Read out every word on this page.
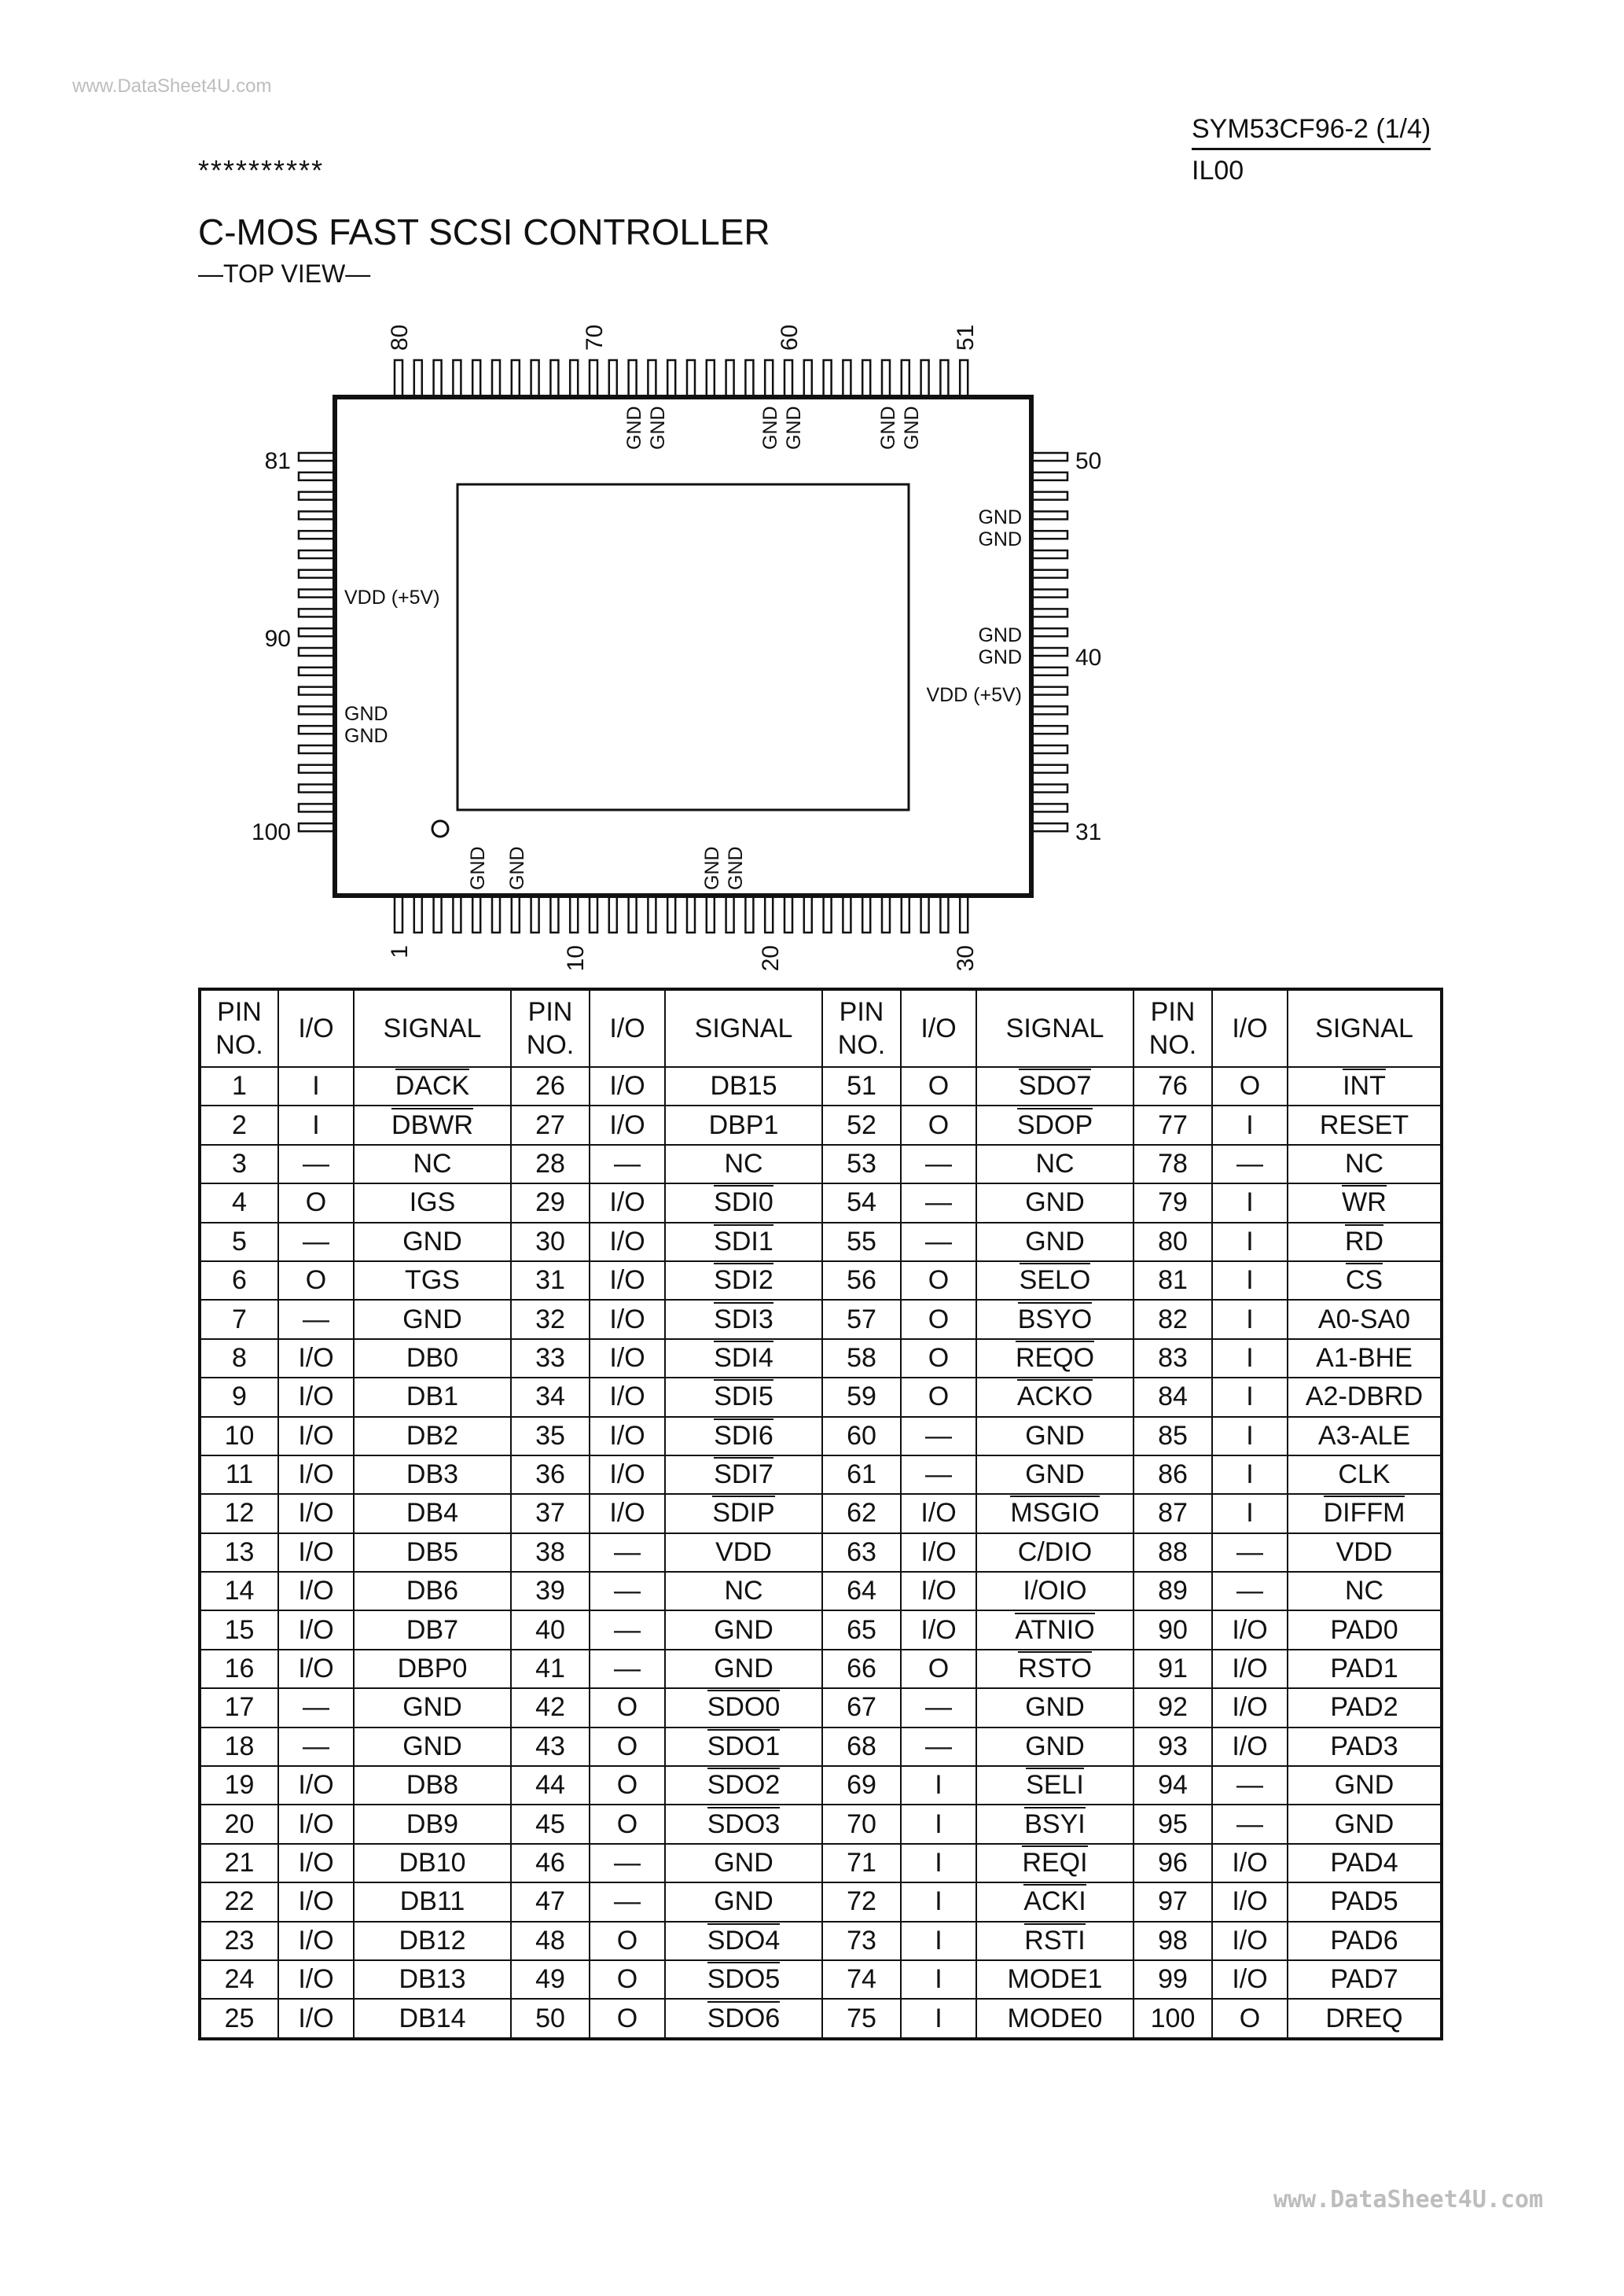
www.DataSheet4U.com
SYM53CF96-2 (1/4)
IL00
**********
C-MOS FAST SCSI CONTROLLER
—TOP VIEW—
80	70	60	51
1	10	20	30
81
90
100
50
40
31
GND GND	GND GND	GND GND
GND GND	GND GND
VDD (+5V)
GND
GND
GND
GND
GND
GND
VDD (+5V)
PIN NO.	I/O	SIGNAL	PIN NO.	I/O	SIGNAL	PIN NO.	I/O	SIGNAL	PIN NO.	I/O	SIGNAL
1	I	DACK	26	I/O	DB15	51	O	SDO7	76	O	INT
2	I	DBWR	27	I/O	DBP1	52	O	SDOP	77	I	RESET
3	—	NC	28	—	NC	53	—	NC	78	—	NC
4	O	IGS	29	I/O	SDI0	54	—	GND	79	I	WR
5	—	GND	30	I/O	SDI1	55	—	GND	80	I	RD
6	O	TGS	31	I/O	SDI2	56	O	SELO	81	I	CS
7	—	GND	32	I/O	SDI3	57	O	BSYO	82	I	A0-SA0
8	I/O	DB0	33	I/O	SDI4	58	O	REQO	83	I	A1-BHE
9	I/O	DB1	34	I/O	SDI5	59	O	ACKO	84	I	A2-DBRD
10	I/O	DB2	35	I/O	SDI6	60	—	GND	85	I	A3-ALE
11	I/O	DB3	36	I/O	SDI7	61	—	GND	86	I	CLK
12	I/O	DB4	37	I/O	SDIP	62	I/O	MSGIO	87	I	DIFFM
13	I/O	DB5	38	—	VDD	63	I/O	C/DIO	88	—	VDD
14	I/O	DB6	39	—	NC	64	I/O	I/OIO	89	—	NC
15	I/O	DB7	40	—	GND	65	I/O	ATNIO	90	I/O	PAD0
16	I/O	DBP0	41	—	GND	66	O	RSTO	91	I/O	PAD1
17	—	GND	42	O	SDO0	67	—	GND	92	I/O	PAD2
18	—	GND	43	O	SDO1	68	—	GND	93	I/O	PAD3
19	I/O	DB8	44	O	SDO2	69	I	SELI	94	—	GND
20	I/O	DB9	45	O	SDO3	70	I	BSYI	95	—	GND
21	I/O	DB10	46	—	GND	71	I	REQI	96	I/O	PAD4
22	I/O	DB11	47	—	GND	72	I	ACKI	97	I/O	PAD5
23	I/O	DB12	48	O	SDO4	73	I	RSTI	98	I/O	PAD6
24	I/O	DB13	49	O	SDO5	74	I	MODE1	99	I/O	PAD7
25	I/O	DB14	50	O	SDO6	75	I	MODE0	100	O	DREQ
www.DataSheet4U.com
